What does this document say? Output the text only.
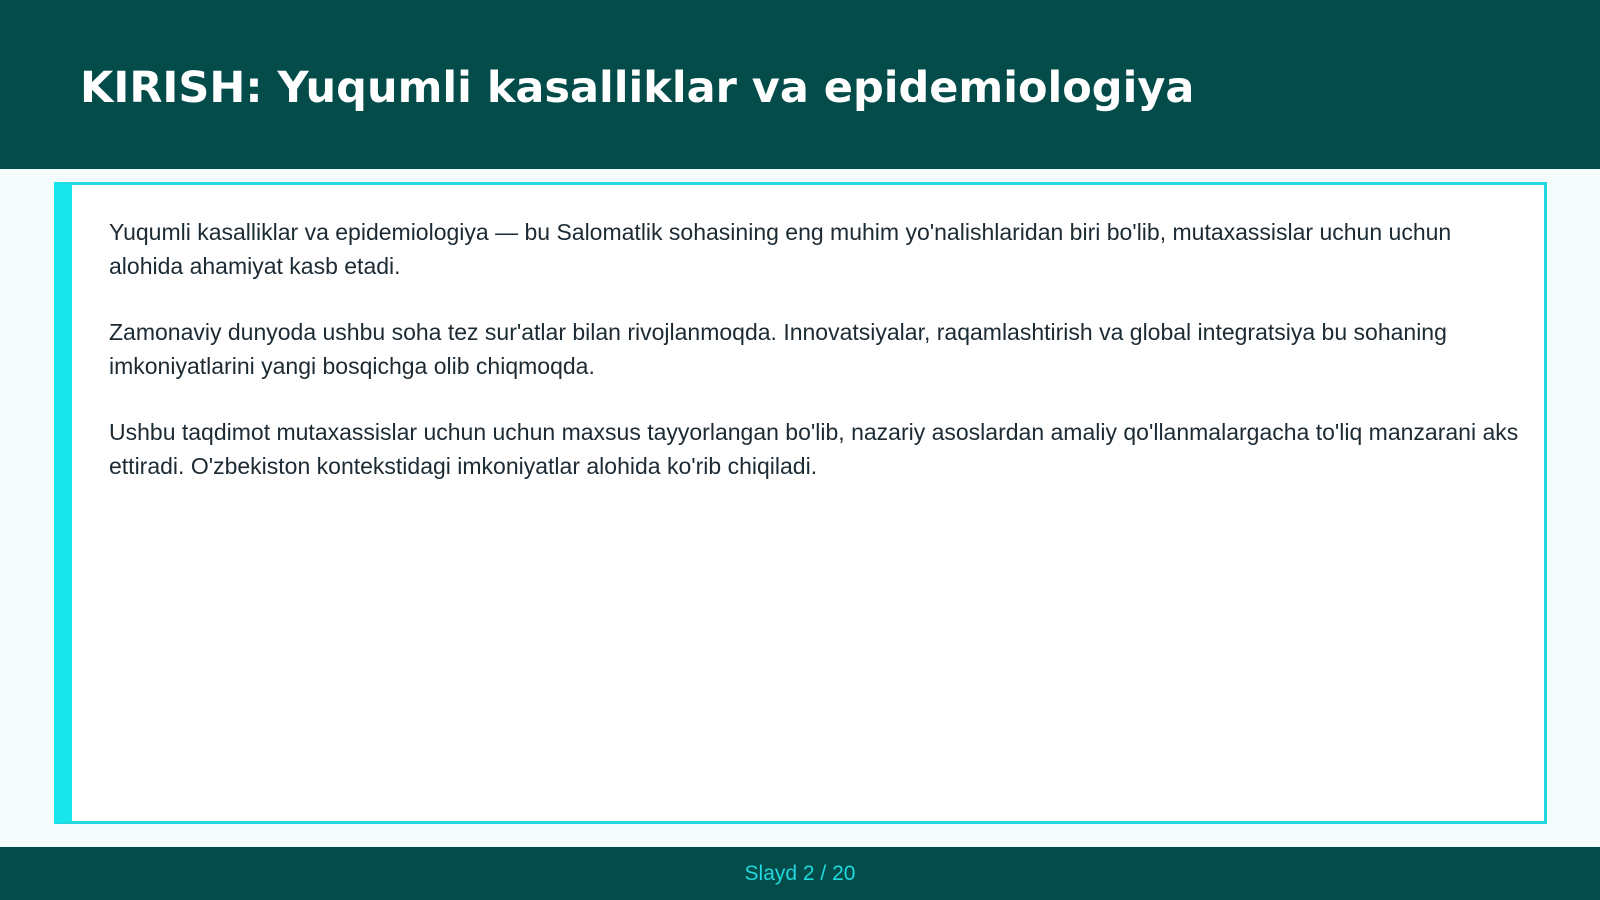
KIRISH: Yuqumli kasalliklar va epidemiologiya

Yuqumli kasalliklar va epidemiologiya — bu Salomatlik sohasining eng muhim yo'nalishlaridan biri bo'lib, mutaxassislar uchun uchun alohida ahamiyat kasb etadi.

Zamonaviy dunyoda ushbu soha tez sur'atlar bilan rivojlanmoqda. Innovatsiyalar, raqamlashtirish va global integratsiya bu sohaning imkoniyatlarini yangi bosqichga olib chiqmoqda.

Ushbu taqdimot mutaxassislar uchun uchun maxsus tayyorlangan bo'lib, nazariy asoslardan amaliy qo'llanmalargacha to'liq manzarani aks ettiradi. O'zbekiston kontekstidagi imkoniyatlar alohida ko'rib chiqiladi.

Slayd 2 / 20
